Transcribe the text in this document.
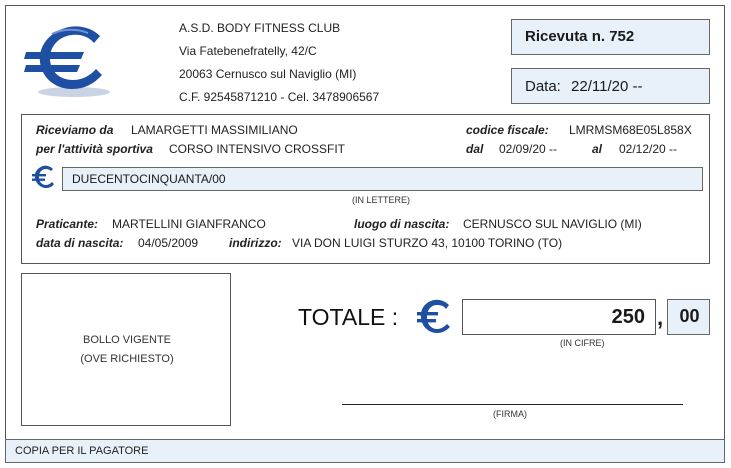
A.S.D. BODY FITNESS CLUB
Via Fatebenefratelly, 42/C
20063 Cernusco sul Naviglio (MI)
C.F. 92545871210 - Cel. 3478906567
Ricevuta n. 752
Data: 22/11/20 --
Riceviamo da LAMARGETTI MASSIMILIANO	codice fiscale: LMRMSM68E05L858X
per l'attività sportiva CORSO INTENSIVO CROSSFIT	dal 02/09/20 --	al 02/12/20 --
DUECENTOCINQUANTA/00
(IN LETTERE)
Praticante: MARTELLINI GIANFRANCO	luogo di nascita: CERNUSCO SUL NAVIGLIO (MI)
data di nascita: 04/05/2009	indirizzo: VIA DON LUIGI STURZO 43, 10100 TORINO (TO)
BOLLO VIGENTE
(OVE RICHIESTO)
TOTALE :	250 , 00
(IN CIFRE)
(FIRMA)
COPIA PER IL PAGATORE
